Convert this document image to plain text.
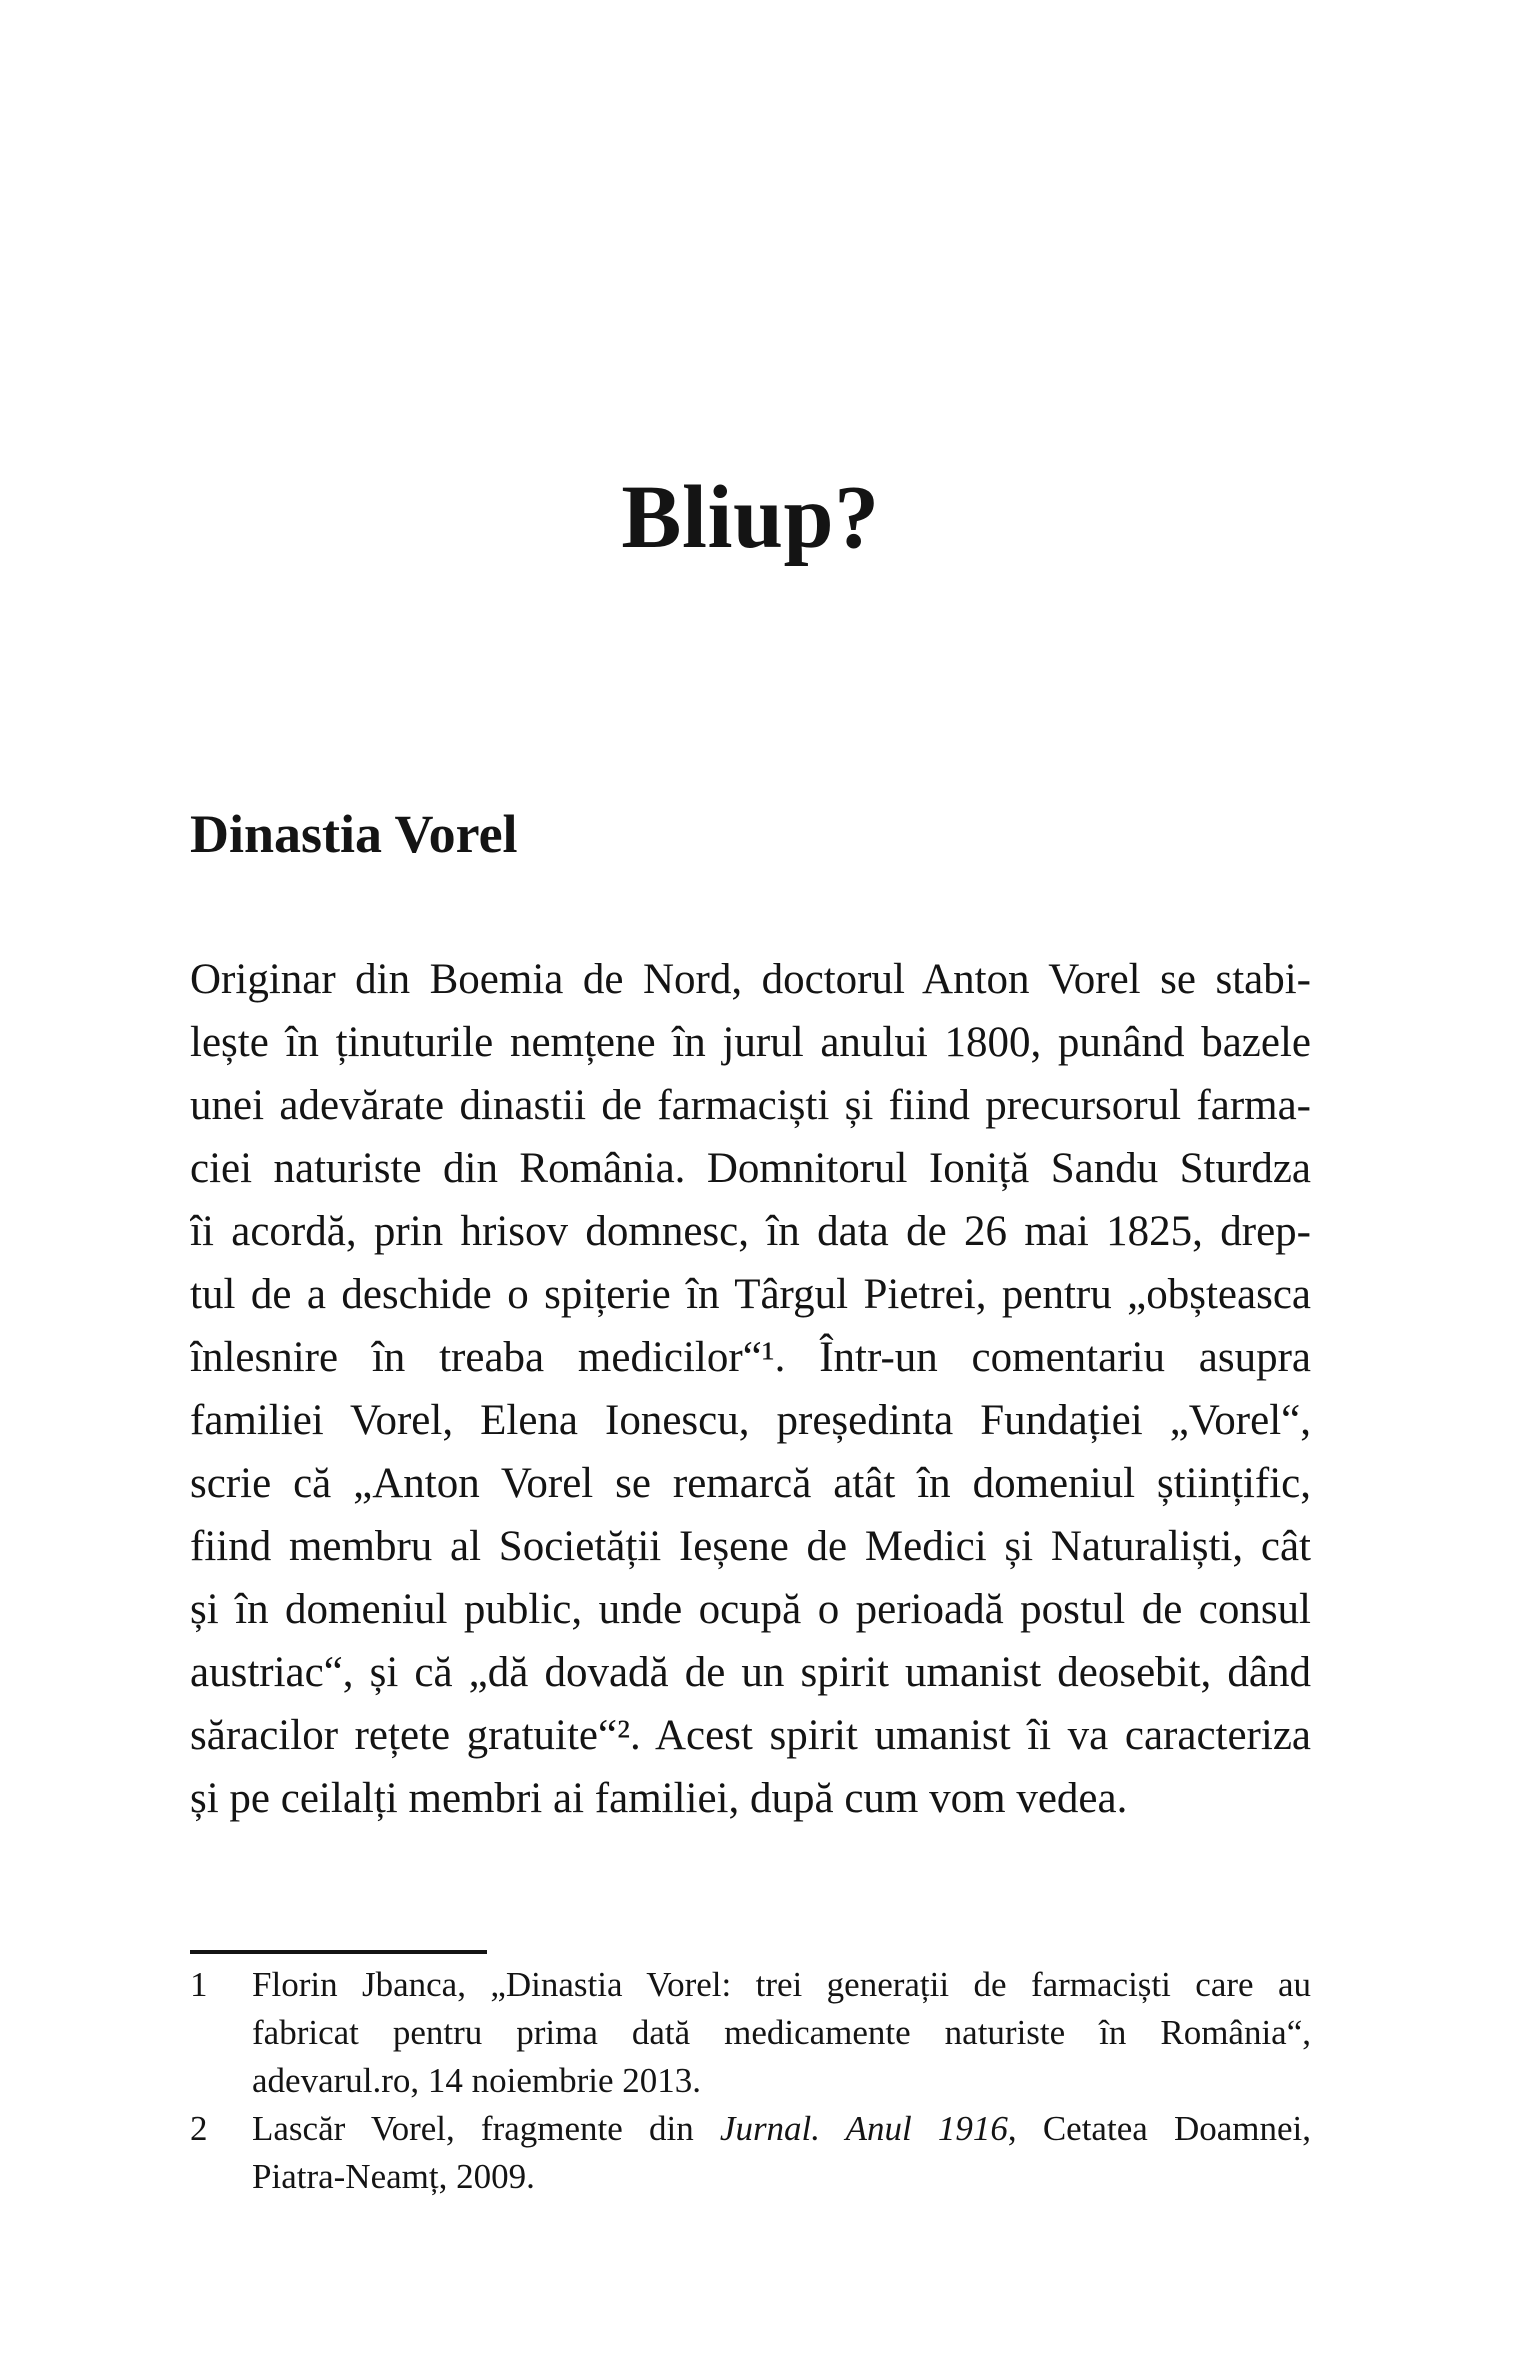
Bliup?
Dinastia Vorel
Originar din Boemia de Nord, doctorul Anton Vorel se stabi-
lește în ținuturile nemțene în jurul anului 1800, punând bazele
unei adevărate dinastii de farmaciști și fiind precursorul farma-
ciei naturiste din România. Domnitorul Ioniță Sandu Sturdza
îi acordă, prin hrisov domnesc, în data de 26 mai 1825, drep-
tul de a deschide o spițerie în Târgul Pietrei, pentru „obșteasca
înlesnire în treaba medicilor“¹. Într-un comentariu asupra
familiei Vorel, Elena Ionescu, președinta Fundației „Vorel“,
scrie că „Anton Vorel se remarcă atât în domeniul științific,
fiind membru al Societății Ieșene de Medici și Naturaliști, cât
și în domeniul public, unde ocupă o perioadă postul de consul
austriac“, și că „dă dovadă de un spirit umanist deosebit, dând
săracilor rețete gratuite“². Acest spirit umanist îi va caracteriza
și pe ceilalți membri ai familiei, după cum vom vedea.
1 Florin Jbanca, „Dinastia Vorel: trei generații de farmaciști care au
fabricat pentru prima dată medicamente naturiste în România“,
adevarul.ro, 14 noiembrie 2013.
2 Lascăr Vorel, fragmente din Jurnal. Anul 1916, Cetatea Doamnei,
Piatra-Neamț, 2009.
